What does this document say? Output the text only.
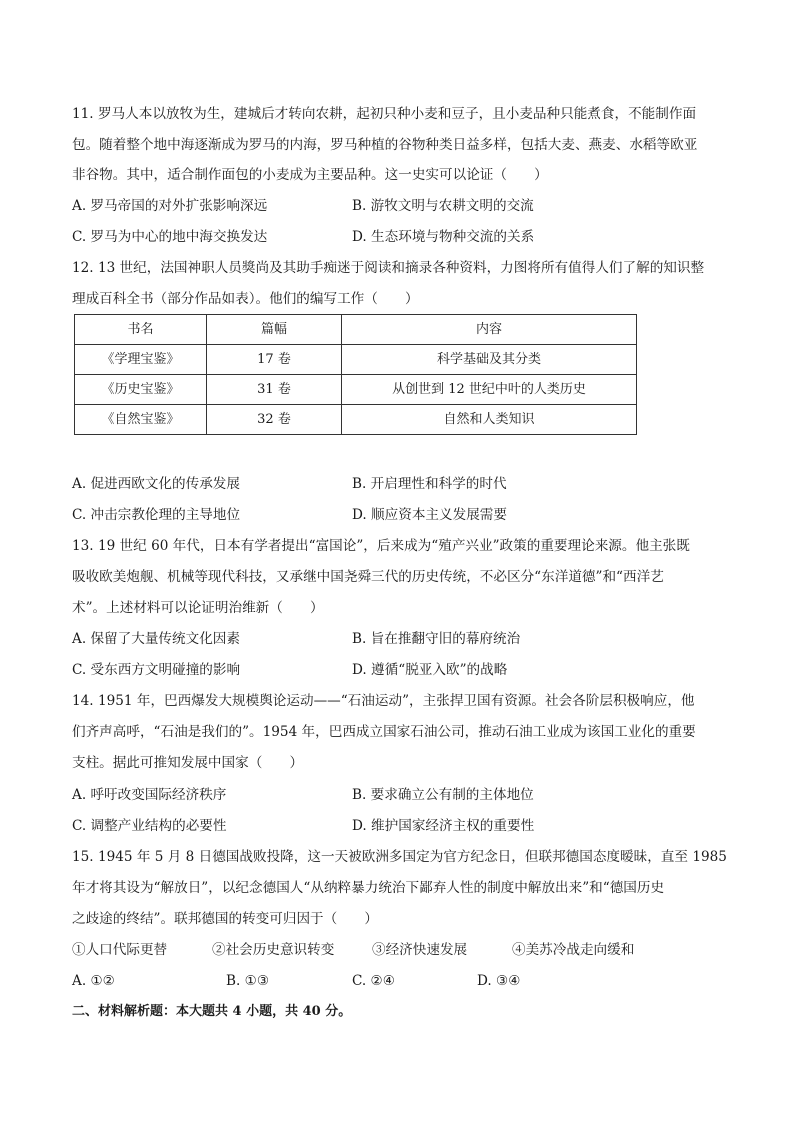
11. 罗马人本以放牧为生，建城后才转向农耕，起初只种小麦和豆子，且小麦品种只能煮食，不能制作面
包。随着整个地中海逐渐成为罗马的内海，罗马种植的谷物种类日益多样，包括大麦、燕麦、水稻等欧亚
非谷物。其中，适合制作面包的小麦成为主要品种。这一史实可以论证（　　）
A. 罗马帝国的对外扩张影响深远	B. 游牧文明与农耕文明的交流
C. 罗马为中心的地中海交换发达	D. 生态环境与物种交流的关系
12. 13 世纪，法国神职人员獎尚及其助手痴迷于阅读和摘录各种资料，力图将所有值得人们了解的知识整
理成百科全书（部分作品如表）。他们的编写工作（　　）
书名	篇幅	内容
《学理宝鉴》	17 卷	科学基础及其分类
《历史宝鉴》	31 卷	从创世到 12 世纪中叶的人类历史
《自然宝鉴》	32 卷	自然和人类知识
A. 促进西欧文化的传承发展	B. 开启理性和科学的时代
C. 冲击宗教伦理的主导地位	D. 顺应资本主义发展需要
13. 19 世纪 60 年代，日本有学者提出“富国论”，后来成为“殖产兴业”政策的重要理论来源。他主张既
吸收欧美炮舰、机械等现代科技，又承继中国尧舜三代的历史传统，不必区分“东洋道德”和“西洋艺
术”。上述材料可以论证明治维新（　　）
A. 保留了大量传统文化因素	B. 旨在推翻守旧的幕府统治
C. 受东西方文明碰撞的影响	D. 遵循“脱亚入欧”的战略
14. 1951 年，巴西爆发大规模舆论运动——“石油运动”，主张捍卫国有资源。社会各阶层积极响应，他
们齐声高呼，“石油是我们的”。1954 年，巴西成立国家石油公司，推动石油工业成为该国工业化的重要
支柱。据此可推知发展中国家（　　）
A. 呼吁改变国际经济秩序	B. 要求确立公有制的主体地位
C. 调整产业结构的必要性	D. 维护国家经济主权的重要性
15. 1945 年 5 月 8 日德国战败投降，这一天被欧洲多国定为官方纪念日，但联邦德国态度暧昧，直至 1985
年才将其设为“解放日”，以纪念德国人“从纳粹暴力统治下鄙弃人性的制度中解放出来”和“德国历史
之歧途的终结”。联邦德国的转变可归因于（　　）
①人口代际更替	②社会历史意识转变	③经济快速发展	④美苏冷战走向缓和
A. ①②	B. ①③	C. ②④	D. ③④
二、材料解析题：本大题共 4 小题，共 40 分。
